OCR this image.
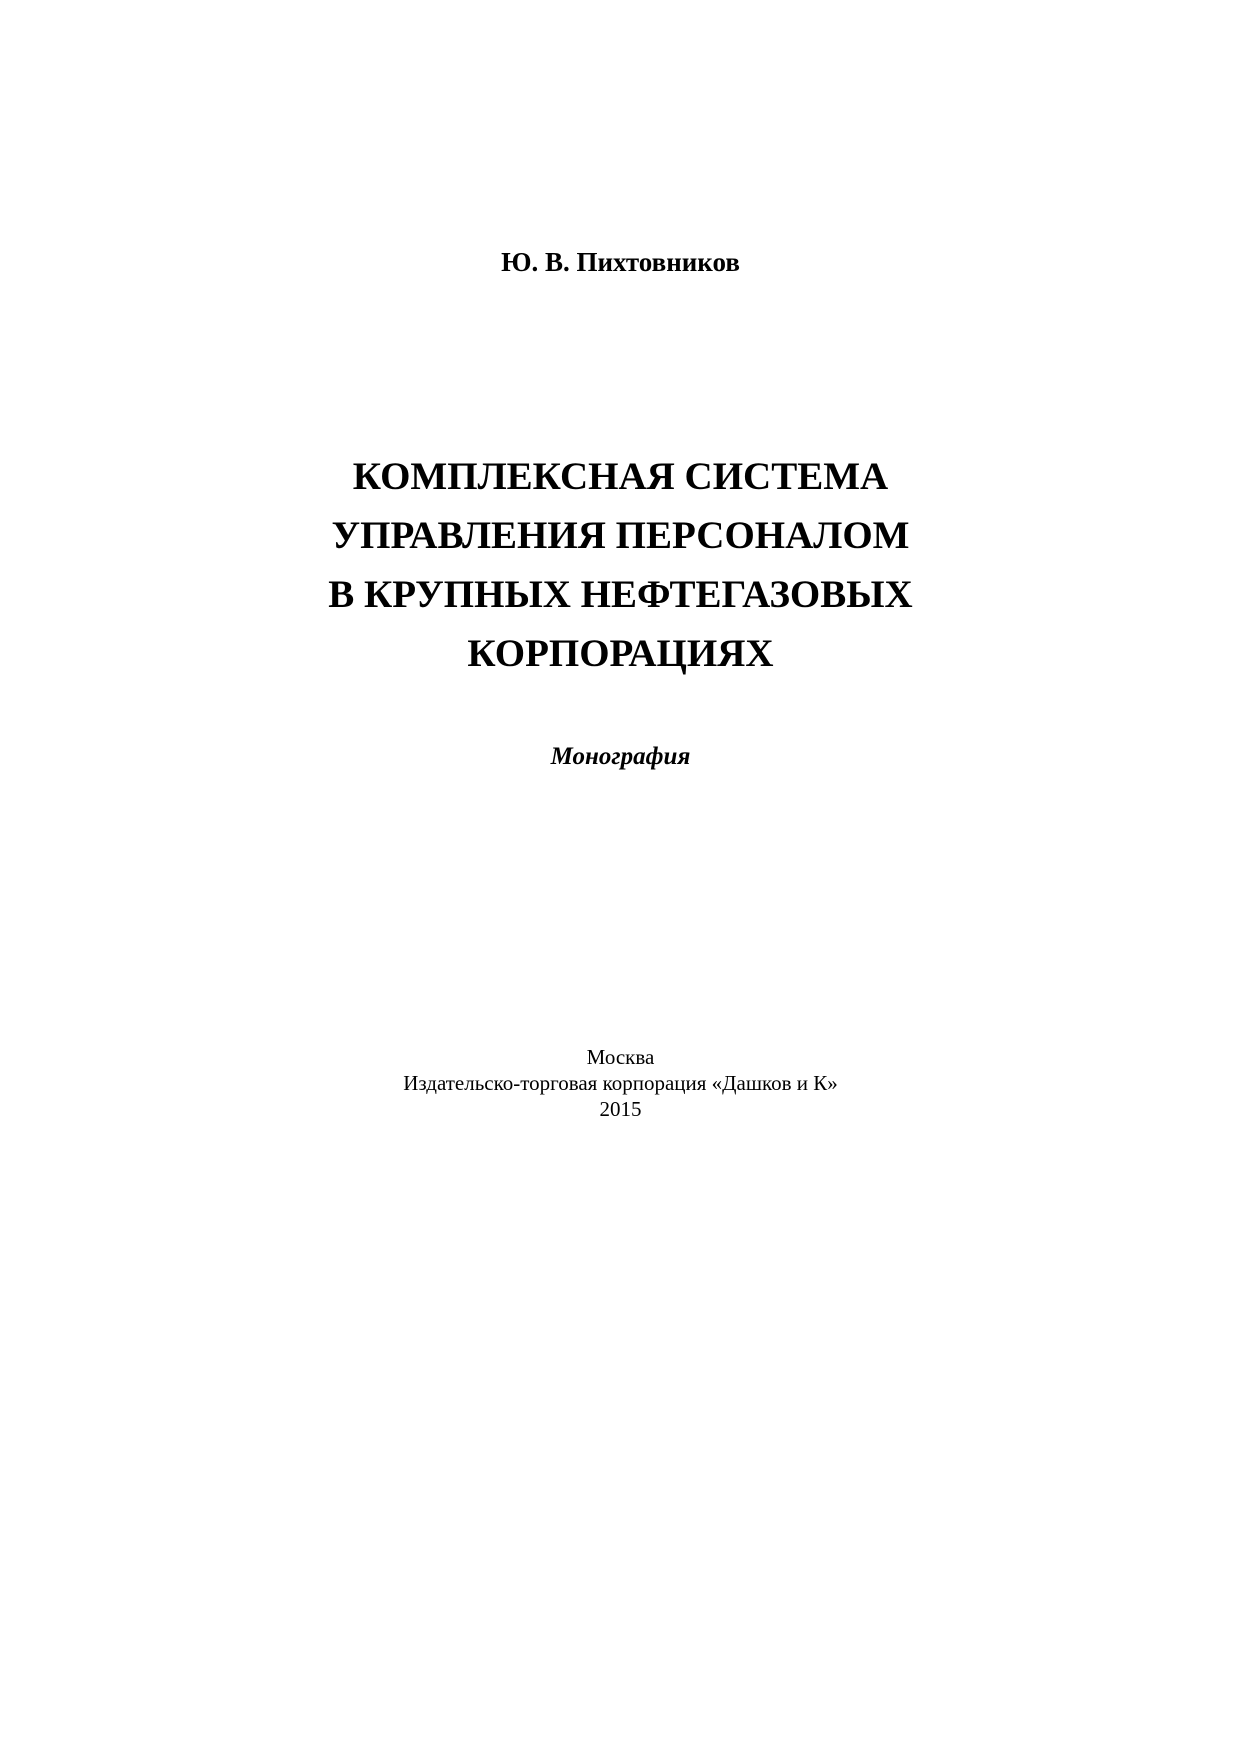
Ю. В. Пихтовников
КОМПЛЕКСНАЯ СИСТЕМА
УПРАВЛЕНИЯ ПЕРСОНАЛОМ
В КРУПНЫХ НЕФТЕГАЗОВЫХ
КОРПОРАЦИЯХ
Монография
Москва
Издательско-торговая корпорация «Дашков и К»
2015
